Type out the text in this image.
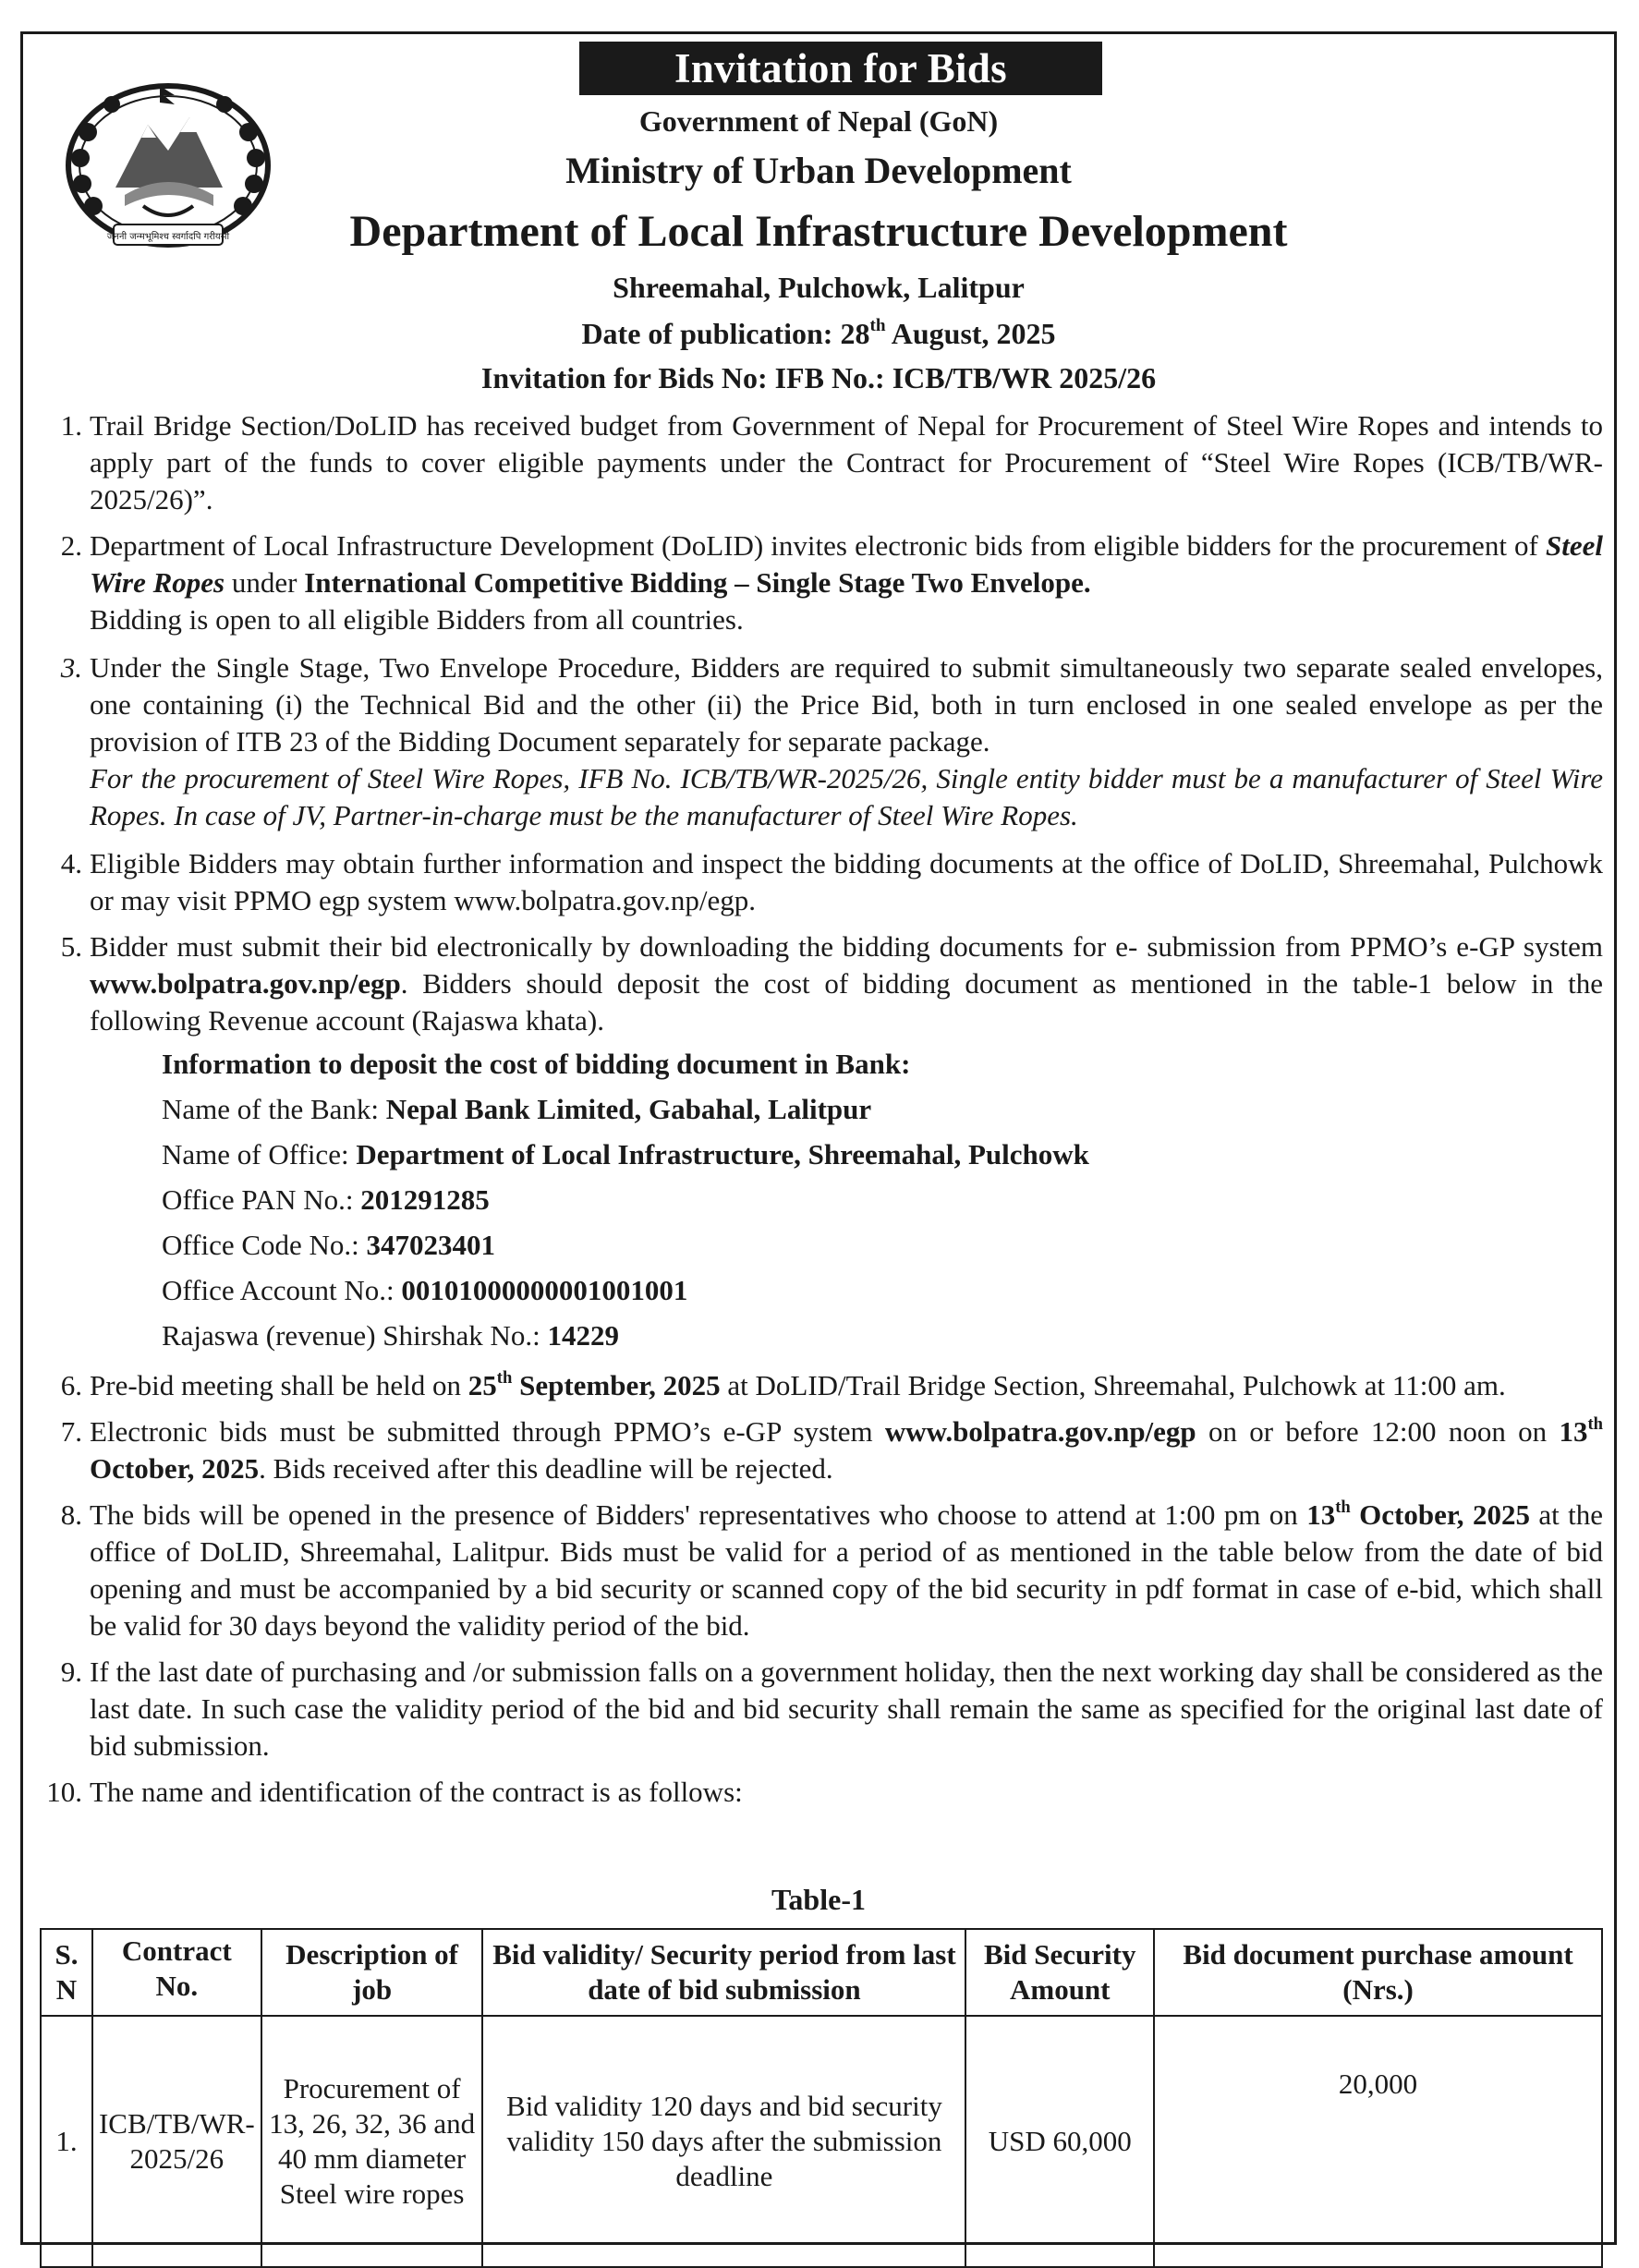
जननी जन्मभूमिश्च स्वर्गादपि गरीयसी
Invitation for Bids
Government of Nepal (GoN)
Ministry of Urban Development
Department of Local Infrastructure Development
Shreemahal, Pulchowk, Lalitpur
Date of publication: 28th August, 2025
Invitation for Bids No: IFB No.: ICB/TB/WR 2025/26
1. Trail Bridge Section/DoLID has received budget from Government of Nepal for Procurement of Steel Wire Ropes and intends to apply part of the funds to cover eligible payments under the Contract for Procurement of “Steel Wire Ropes (ICB/TB/WR- 2025/26)”.
2. Department of Local Infrastructure Development (DoLID) invites electronic bids from eligible bidders for the procurement of Steel Wire Ropes under International Competitive Bidding – Single Stage Two Envelope.
Bidding is open to all eligible Bidders from all countries.
3. Under the Single Stage, Two Envelope Procedure, Bidders are required to submit simultaneously two separate sealed envelopes, one containing (i) the Technical Bid and the other (ii) the Price Bid, both in turn enclosed in one sealed envelope as per the provision of ITB 23 of the Bidding Document separately for separate package.
For the procurement of Steel Wire Ropes, IFB No. ICB/TB/WR-2025/26, Single entity bidder must be a manufacturer of Steel Wire Ropes. In case of JV, Partner-in-charge must be the manufacturer of Steel Wire Ropes.
4. Eligible Bidders may obtain further information and inspect the bidding documents at the office of DoLID, Shreemahal, Pulchowk or may visit PPMO egp system www.bolpatra.gov.np/egp.
5. Bidder must submit their bid electronically by downloading the bidding documents for e- submission from PPMO’s e-GP system www.bolpatra.gov.np/egp. Bidders should deposit the cost of bidding document as mentioned in the table-1 below in the following Revenue account (Rajaswa khata).
Information to deposit the cost of bidding document in Bank:
Name of the Bank: Nepal Bank Limited, Gabahal, Lalitpur
Name of Office: Department of Local Infrastructure, Shreemahal, Pulchowk
Office PAN No.: 201291285
Office Code No.: 347023401
Office Account No.: 00101000000001001001
Rajaswa (revenue) Shirshak No.: 14229
6. Pre-bid meeting shall be held on 25th September, 2025 at DoLID/Trail Bridge Section, Shreemahal, Pulchowk at 11:00 am.
7. Electronic bids must be submitted through PPMO’s e-GP system www.bolpatra.gov.np/egp on or before 12:00 noon on 13th October, 2025. Bids received after this deadline will be rejected.
8. The bids will be opened in the presence of Bidders' representatives who choose to attend at 1:00 pm on 13th October, 2025 at the office of DoLID, Shreemahal, Lalitpur. Bids must be valid for a period of as mentioned in the table below from the date of bid opening and must be accompanied by a bid security or scanned copy of the bid security in pdf format in case of e-bid, which shall be valid for 30 days beyond the validity period of the bid.
9. If the last date of purchasing and /or submission falls on a government holiday, then the next working day shall be considered as the last date. In such case the validity period of the bid and bid security shall remain the same as specified for the original last date of bid submission.
10. The name and identification of the contract is as follows:
Table-1
S. N	Contract No.	Description of job	Bid validity/ Security period from last date of bid submission	Bid Security Amount	Bid document purchase amount (Nrs.)
1.	ICB/TB/WR-2025/26	Procurement of 13, 26, 32, 36 and 40 mm diameter Steel wire ropes	Bid validity 120 days and bid security validity 150 days after the submission deadline	USD 60,000	20,000
